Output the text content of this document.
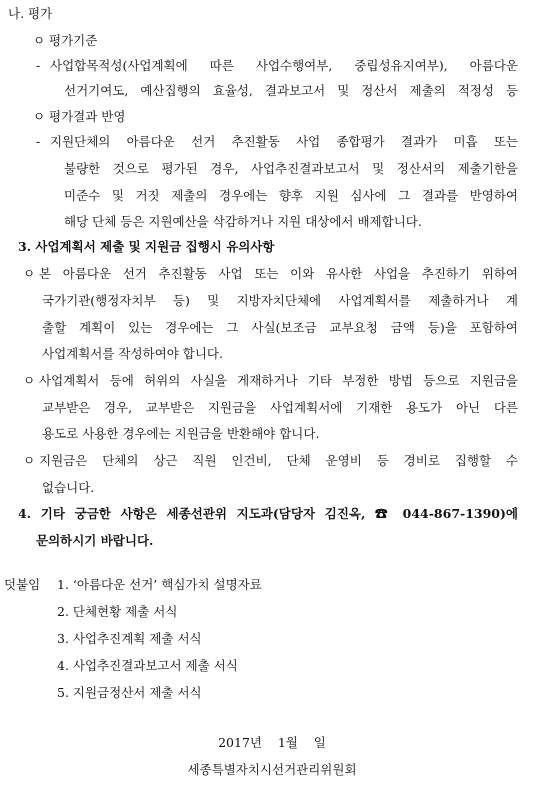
나. 평가
ㅇ 평가기준
- 사업합목적성(사업계획에 따른 사업수행여부, 중립성유지여부), 아름다운
선거기여도, 예산집행의 효율성, 결과보고서 및 정산서 제출의 적정성 등
ㅇ 평가결과 반영
- 지원단체의 아름다운 선거 추진활동 사업 종합평가 결과가 미흡 또는
불량한 것으로 평가된 경우, 사업추진결과보고서 및 정산서의 제출기한을
미준수 및 거짓 제출의 경우에는 향후 지원 심사에 그 결과를 반영하여
해당 단체 등은 지원예산을 삭감하거나 지원 대상에서 배제합니다.
3. 사업계획서 제출 및 지원금 집행시 유의사항
ㅇ 본 아름다운 선거 추진활동 사업 또는 이와 유사한 사업을 추진하기 위하여
국가기관(행정자치부 등) 및 지방자치단체에 사업계획서를 제출하거나 계
출할 계획이 있는 경우에는 그 사실(보조금 교부요청 금액 등)을 포함하여
사업계획서를 작성하여야 합니다.
ㅇ 사업계획서 등에 허위의 사실을 게재하거나 기타 부정한 방법 등으로 지원금을
교부받은 경우, 교부받은 지원금을 사업계획서에 기재한 용도가 아닌 다른
용도로 사용한 경우에는 지원금을 반환해야 합니다.
ㅇ 지원금은 단체의 상근 직원 인건비, 단체 운영비 등 경비로 집행할 수
없습니다.
4. 기타 궁금한 사항은 세종선관위 지도과(담당자 김진옥, ☎ 044-867-1390)에
문의하시기 바랍니다.
덧붙임 1. ‘아름다운 선거’ 핵심가치 설명자료
2. 단체현황 제출 서식
3. 사업추진계획 제출 서식
4. 사업추진결과보고서 제출 서식
5. 지원금정산서 제출 서식
2017년    1월    일
세종특별자치시선거관리위원회
